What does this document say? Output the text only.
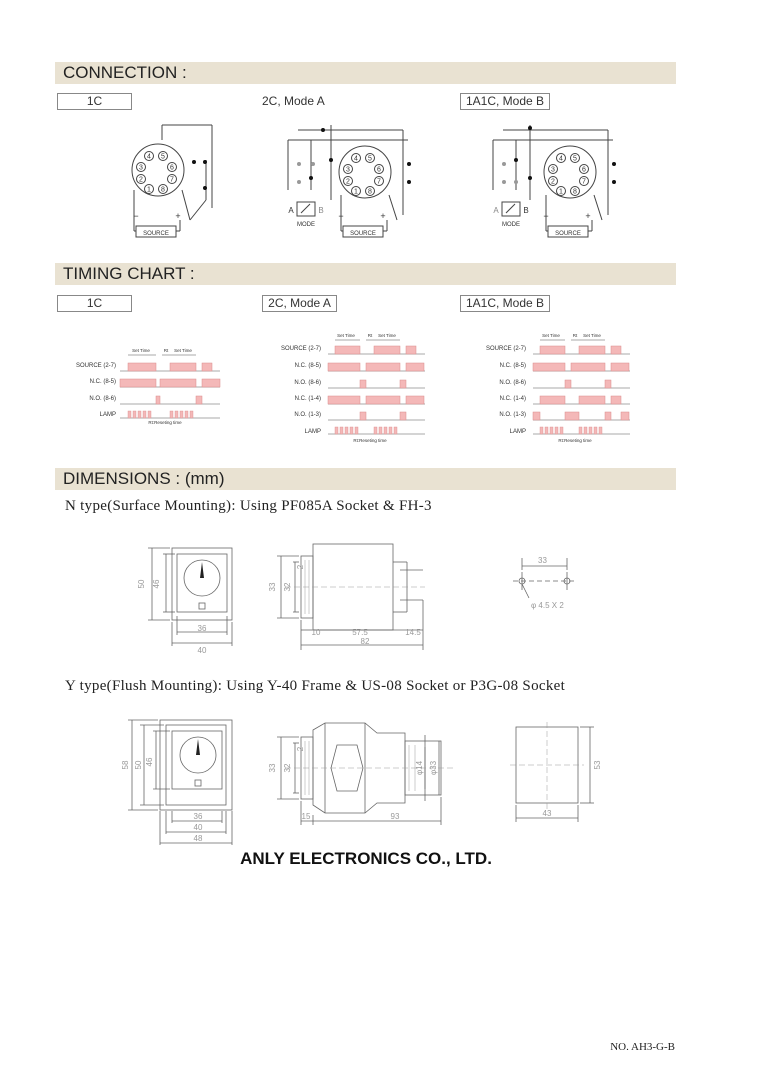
CONNECTION :
1C	2C, Mode A	1A1C, Mode B
4
3
2
1
5
6
7
8
−	+
SOURCE
4
3
2
1
5
6
7
8
−	+
SOURCE
A	B
MODE
4
3
2
1
5
6
7
8
−	+
SOURCE
A	B
MODE
TIMING CHART :
1C	2C, Mode A	1A1C, Mode B
SOURCE (2-7)
N.C. (8-5)
N.O. (8-6)
LAMP
Set Time	Rt Set Time
Rt:Reseting time
SOURCE (2-7)
N.C. (8-5)
N.O. (8-6)
N.C. (1-4)
N.O. (1-3)
LAMP
Set Time	Rt Set Time
Rt:Reseting time
SOURCE (2-7)
N.C. (8-5)
N.O. (8-6)
N.C. (1-4)
N.O. (1-3)
LAMP
Set Time	Rt Set Time
Rt:Reseting time
DIMENSIONS : (mm)
N type(Surface Mounting): Using PF085A Socket & FH-3
50 46
36
40
33 32
2
10	57.5	14.5
82
33
φ 4.5 X 2
Y type(Flush Mounting): Using Y-40 Frame & US-08 Socket or P3G-08 Socket
58 50 46
36
40
48
33 32
2
φ14 φ33
15	93
53
43
ANLY ELECTRONICS CO., LTD.
NO. AH3-G-B
